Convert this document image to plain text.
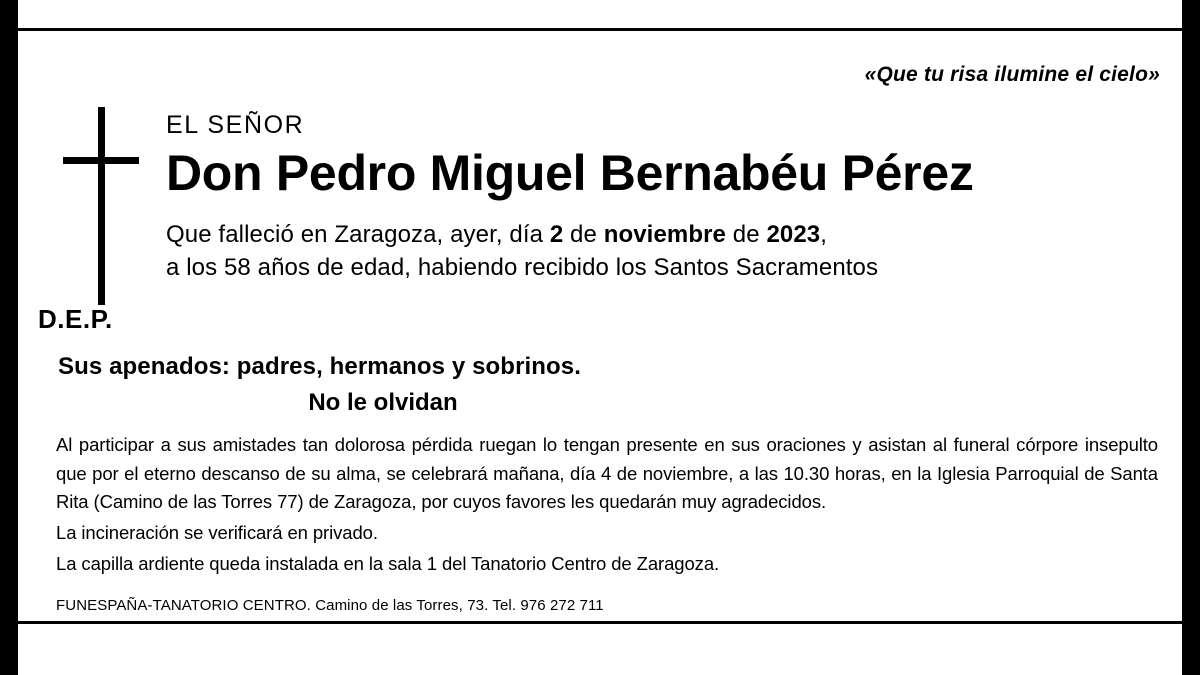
«Que tu risa ilumine el cielo»
D.E.P.
EL SEÑOR
Don Pedro Miguel Bernabéu Pérez

Que falleció en Zaragoza, ayer, día 2 de noviembre de 2023,

a los 58 años de edad, habiendo recibido los Santos Sacramentos

Sus apenados: padres, hermanos y sobrinos.

No le olvidan

Al participar a sus amistades tan dolorosa pérdida ruegan lo tengan presente en sus oraciones y asistan al funeral córpore insepulto que por el eterno descanso de su alma, se celebrará mañana, día 4 de noviembre, a las 10.30 horas, en la Iglesia Parroquial de Santa Rita (Camino de las Torres 77) de Zaragoza, por cuyos favores les quedarán muy agradecidos.

La incineración se verificará en privado.

La capilla ardiente queda instalada en la sala 1 del Tanatorio Centro de Zaragoza.

FUNESPAÑA-TANATORIO CENTRO. Camino de las Torres, 73. Tel. 976 272 711
